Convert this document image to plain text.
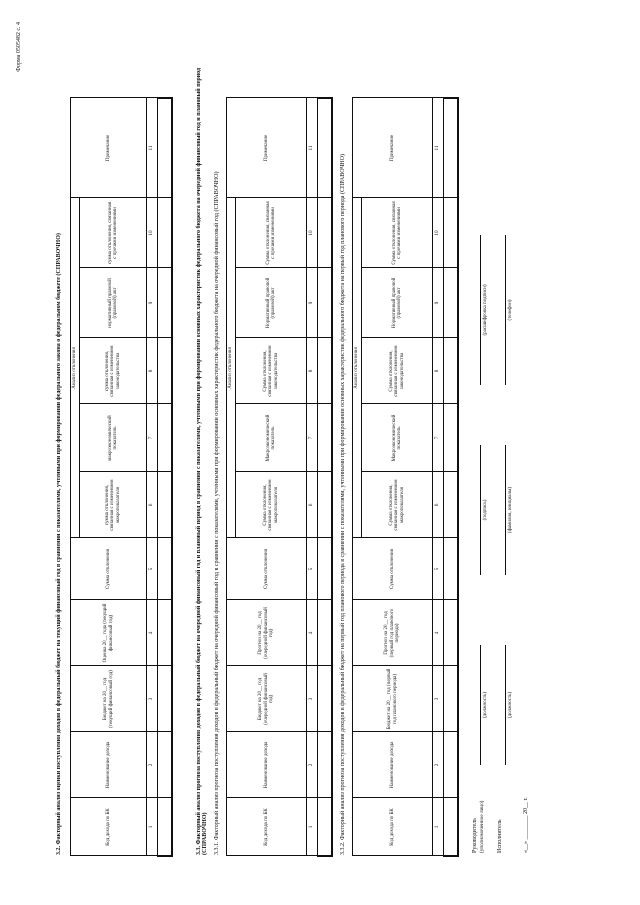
Форма 0505482 с. 4
3.2. Факторный анализ оценки поступления доходов в федеральный бюджет на текущий финансовый год в сравнении с показателями, учтенными при формировании федерального закона о федеральном бюджете (СПРАВОЧНО)	Код дохода по БК	Наименование дохода	Бюджет на 20__ год (текущий финансовый год)	Оценка 20__ года (текущий финансовый год)	Сумма отклонения	Анализ отклонения					Примечание
					сумма отклонения, связанная с изменением макропоказателя	макроэкономический показатель	сумма отклонения, связанная с изменением законодательства	нормативный правовой (правовой) акт	сумма отклонения, связанная с прочими изменениями	
1	2	3	4	5	6	7	8	9	10	11
											3.3. Факторный анализ прогноза поступления доходов в федеральный бюджет на очередной финансовый год и плановый период в сравнении с показателями, учтенными при формировании основных характеристик федерального бюджета на очередной финансовый год и плановый период (СПРАВОЧНО) 3.3.1. Факторный анализ прогноза поступления доходов в федеральный бюджет на очередной финансовый год в сравнении с показателями, учтенными при формировании основных характеристик федерального бюджета на очередной финансовый год (СПРАВОЧНО)	Код дохода по БК	Наименование дохода	Бюджет на 20__ год (очередной финансовый год)	Прогноз на 20__ год (очередной финансовый год)	Сумма отклонения	Анализ отклонения					Примечание
					Сумма отклонения, связанная с изменением макропоказателя	Макроэкономический показатель	Сумма отклонения, связанная с изменением законодательства	Нормативный правовой (правовой) акт	Сумма отклонения, связанная с прочими изменениями	
1	2	3	4	5	6	7	8	9	10	11

3.3.2. Факторный анализ прогноза поступления доходов в федеральный бюджет на первый год планового периода в сравнении с показателями, учтенными при формировании основных характеристик федерального бюджета на первый год планового периода (СПРАВОЧНО)	Код дохода по БК	Наименование дохода	Бюджет на 20__ год (первый год планового периода)	Прогноз на 20__ год (первый год планового периода)	Сумма отклонения	Анализ отклонения					Примечание
					Сумма отклонения, связанная с изменением макропоказателя	Макроэкономический показатель	Сумма отклонения, связанная с изменением законодательства	Нормативный правовой (правовой) акт	Сумма отклонения, связанная с прочими изменениями	
1	2	3	4	5	6	7	8	9	10	11

Руководитель (уполномоченное лицо)
(должность)
(подпись)
(расшифровка подписи)
Исполнитель
(должность)
(фамилия, инициалы)
(телефон)
«__» ________ 20__ г.
